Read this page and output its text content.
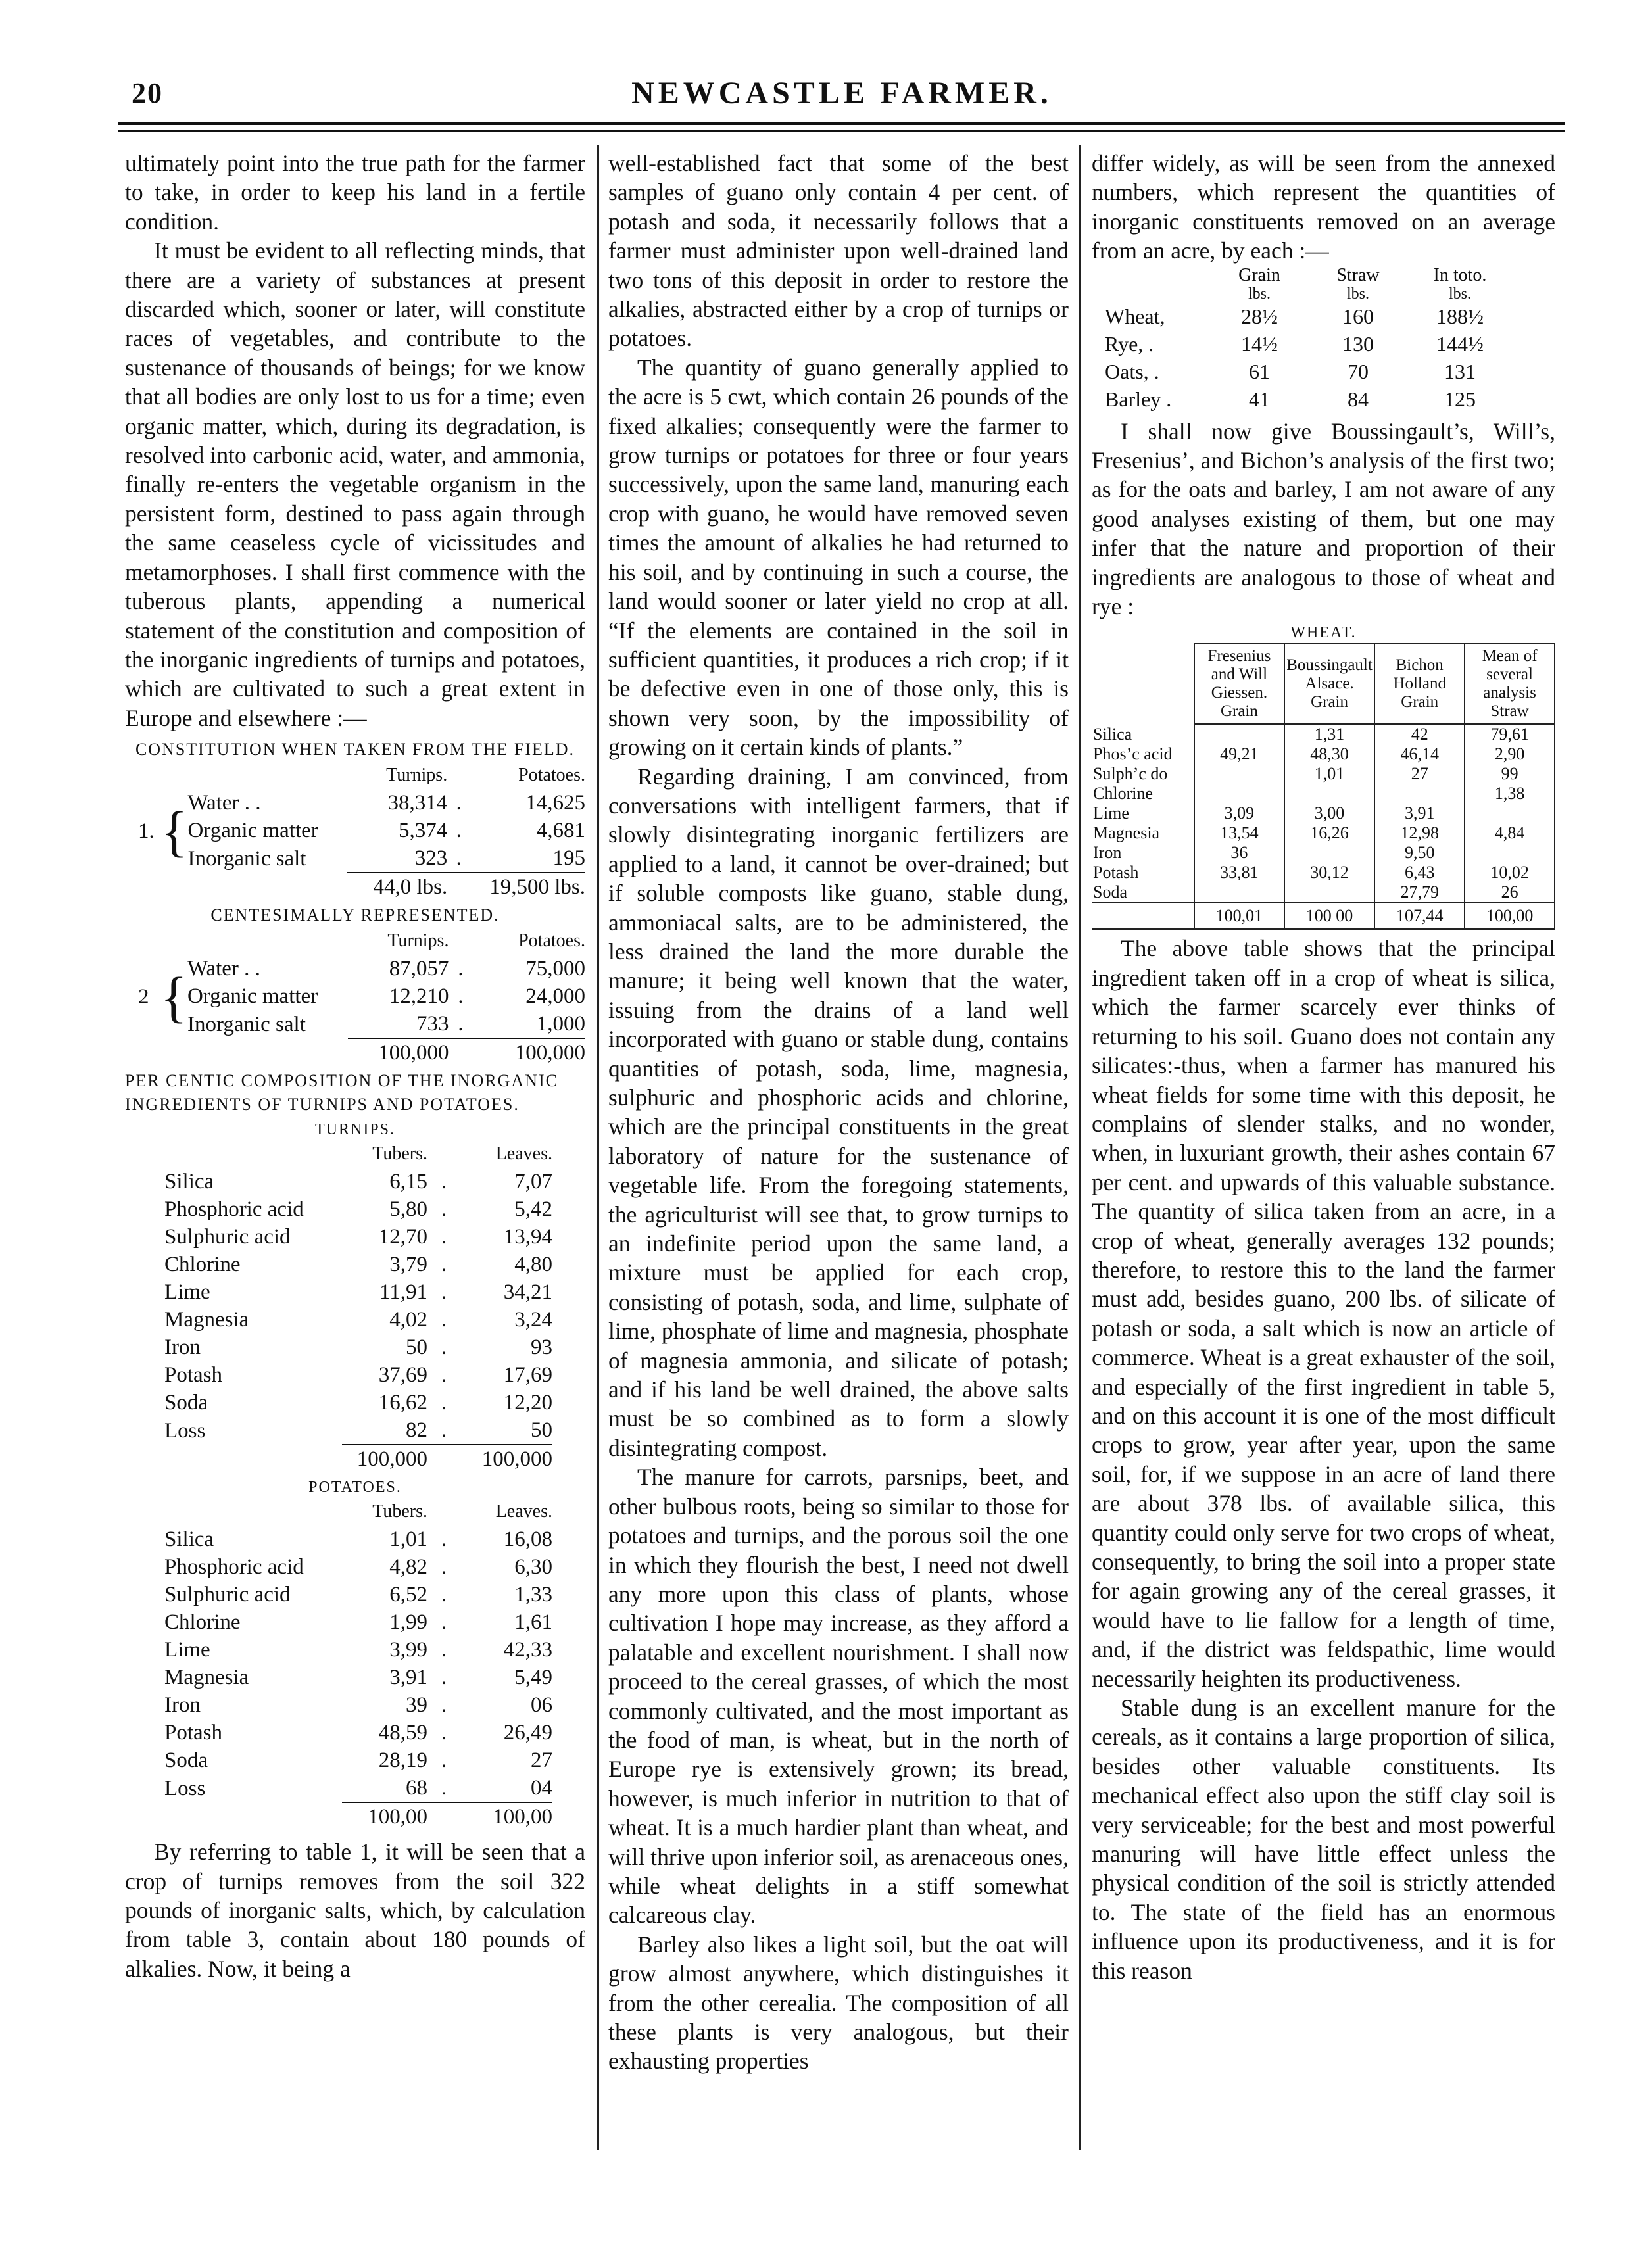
20	NEWCASTLE FARMER.

ultimately point into the true path for the farmer to take, in order to keep his land in a fertile condition.

It must be evident to all reflecting minds, that there are a variety of substances at present discarded which, sooner or later, will constitute races of vegetables, and contribute to the sustenance of thousands of beings; for we know that all bodies are only lost to us for a time; even organic matter, which, during its degradation, is resolved into carbonic acid, water, and ammonia, finally re-enters the vegetable organism in the persistent form, destined to pass again through the same ceaseless cycle of vicissitudes and metamorphoses. I shall first commence with the tuberous plants, appending a numerical statement of the constitution and composition of the inorganic ingredients of turnips and potatoes, which are cultivated to such a great extent in Europe and elsewhere :—

CONSTITUTION WHEN TAKEN FROM THE FIELD.
			Turnips.		Potatoes.
1.	{	Water . .	38,314	.	14,625
		Organic matter	5,374	.	4,681
		Inorganic salt	323	.	195
			44,0 lbs.		19,500 lbs.
CENTESIMALLY REPRESENTED.
			Turnips.		Potatoes.
2	{	Water . .	87,057	.	75,000
		Organic matter	12,210	.	24,000
		Inorganic salt	733	.	1,000
			100,000		100,000
PER CENTIC COMPOSITION OF THE INORGANIC INGREDIENTS OF TURNIPS AND POTATOES.
TURNIPS.
	Tubers.		Leaves.
Silica	6,15	.	7,07
Phosphoric acid	5,80	.	5,42
Sulphuric acid	12,70	.	13,94
Chlorine	3,79	.	4,80
Lime	11,91	.	34,21
Magnesia	4,02	.	3,24
Iron	50	.	93
Potash	37,69	.	17,69
Soda	16,62	.	12,20
Loss	82	.	50
	100,000		100,000
POTATOES.
	Tubers.		Leaves.
Silica	1,01	.	16,08
Phosphoric acid	4,82	.	6,30
Sulphuric acid	6,52	.	1,33
Chlorine	1,99	.	1,61
Lime	3,99	.	42,33
Magnesia	3,91	.	5,49
Iron	39	.	06
Potash	48,59	.	26,49
Soda	28,19	.	27
Loss	68	.	04
	100,00		100,00

By referring to table 1, it will be seen that a crop of turnips removes from the soil 322 pounds of inorganic salts, which, by calculation from table 3, contain about 180 pounds of alkalies. Now, it being a

well-established fact that some of the best samples of guano only contain 4 per cent. of potash and soda, it necessarily follows that a farmer must administer upon well-drained land two tons of this deposit in order to restore the alkalies, abstracted either by a crop of turnips or potatoes.

The quantity of guano generally applied to the acre is 5 cwt, which contain 26 pounds of the fixed alkalies; consequently were the farmer to grow turnips or potatoes for three or four years successively, upon the same land, manuring each crop with guano, he would have removed seven times the amount of alkalies he had returned to his soil, and by continuing in such a course, the land would sooner or later yield no crop at all. “If the elements are contained in the soil in sufficient quantities, it produces a rich crop; if it be defective even in one of those only, this is shown very soon, by the impossibility of growing on it certain kinds of plants.”

Regarding draining, I am convinced, from conversations with intelligent farmers, that if slowly disintegrating inorganic fertilizers are applied to a land, it cannot be over-drained; but if soluble composts like guano, stable dung, ammoniacal salts, are to be administered, the less drained the land the more durable the manure; it being well known that the water, issuing from the drains of a land well incorporated with guano or stable dung, contains quantities of potash, soda, lime, magnesia, sulphuric and phosphoric acids and chlorine, which are the principal constituents in the great laboratory of nature for the sustenance of vegetable life. From the foregoing statements, the agriculturist will see that, to grow turnips to an indefinite period upon the same land, a mixture must be applied for each crop, consisting of potash, soda, and lime, sulphate of lime, phosphate of lime and magnesia, phosphate of magnesia ammonia, and silicate of potash; and if his land be well drained, the above salts must be so combined as to form a slowly disintegrating compost.

The manure for carrots, parsnips, beet, and other bulbous roots, being so similar to those for potatoes and turnips, and the porous soil the one in which they flourish the best, I need not dwell any more upon this class of plants, whose cultivation I hope may increase, as they afford a palatable and excellent nourishment. I shall now proceed to the cereal grasses, of which the most commonly cultivated, and the most important as the food of man, is wheat, but in the north of Europe rye is extensively grown; its bread, however, is much inferior in nutrition to that of wheat. It is a much hardier plant than wheat, and will thrive upon inferior soil, as arenaceous ones, while wheat delights in a stiff somewhat calcareous clay.

Barley also likes a light soil, but the oat will grow almost anywhere, which distinguishes it from the other cerealia. The composition of all these plants is very analogous, but their exhausting properties

differ widely, as will be seen from the annexed numbers, which represent the quantities of inorganic constituents removed on an average from an acre, by each :—

	Grain	Straw	In toto.
	lbs.	lbs.	lbs.
Wheat,	28½	160	188½
Rye, .	14½	130	144½
Oats, .	61	70	131
Barley .	41	84	125

I shall now give Boussingault’s, Will’s, Fresenius’, and Bichon’s analysis of the first two; as for the oats and barley, I am not aware of any good analyses existing of them, but one may infer that the nature and proportion of their ingredients are analogous to those of wheat and rye :

WHEAT.
	Fresenius and Will Giessen. Grain	Boussingault Alsace. Grain	Bichon Holland Grain	Mean of several analysis Straw
Silica		1,31	42	79,61
Phos’c acid	49,21	48,30	46,14	2,90
Sulph’c do		1,01	27	99
Chlorine				1,38
Lime	3,09	3,00	3,91	
Magnesia	13,54	16,26	12,98	4,84
Iron	36		9,50	
Potash	33,81	30,12	6,43	10,02
Soda			27,79	26
	100,01	100 00	107,44	100,00

The above table shows that the principal ingredient taken off in a crop of wheat is silica, which the farmer scarcely ever thinks of returning to his soil. Guano does not contain any silicates:-thus, when a farmer has manured his wheat fields for some time with this deposit, he complains of slender stalks, and no wonder, when, in luxuriant growth, their ashes contain 67 per cent. and upwards of this valuable substance. The quantity of silica taken from an acre, in a crop of wheat, generally averages 132 pounds; therefore, to restore this to the land the farmer must add, besides guano, 200 lbs. of silicate of potash or soda, a salt which is now an article of commerce. Wheat is a great exhauster of the soil, and especially of the first ingredient in table 5, and on this account it is one of the most difficult crops to grow, year after year, upon the same soil, for, if we suppose in an acre of land there are about 378 lbs. of available silica, this quantity could only serve for two crops of wheat, consequently, to bring the soil into a proper state for again growing any of the cereal grasses, it would have to lie fallow for a length of time, and, if the district was feldspathic, lime would necessarily heighten its productiveness.

Stable dung is an excellent manure for the cereals, as it contains a large proportion of silica, besides other valuable constituents. Its mechanical effect also upon the stiff clay soil is very serviceable; for the best and most powerful manuring will have little effect unless the physical condition of the soil is strictly attended to. The state of the field has an enormous influence upon its productiveness, and it is for this reason
